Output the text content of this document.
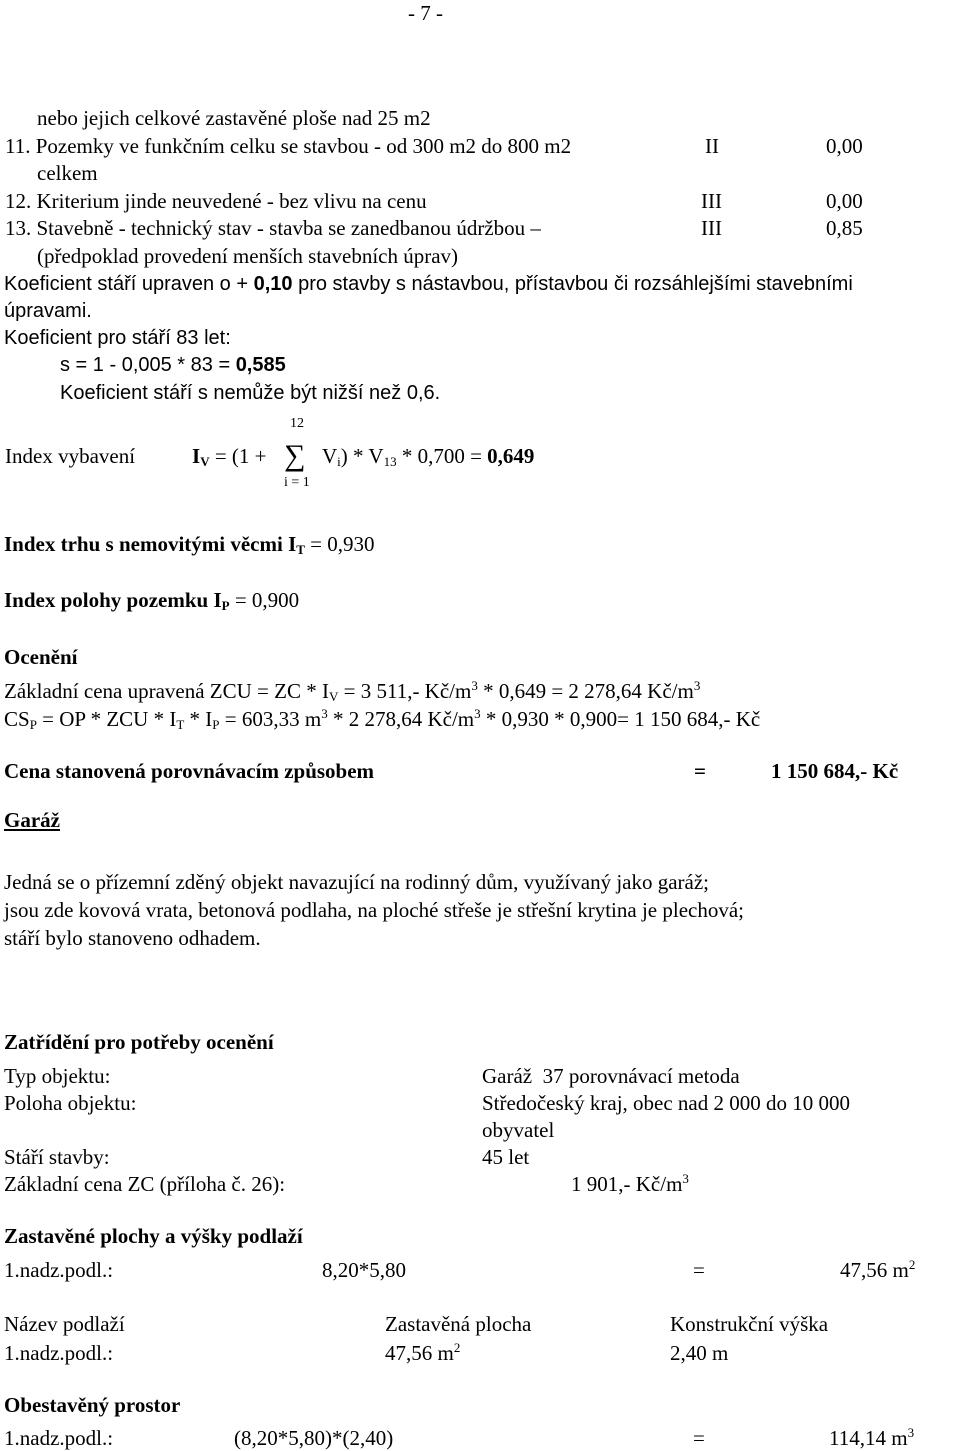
- 7 -
nebo jejich celkové zastavěné ploše nad 25 m2
11. Pozemky ve funkčním celku se stavbou - od 300 m2 do 800 m2	II	0,00
celkem
12. Kriterium jinde neuvedené - bez vlivu na cenu	III	0,00
13. Stavebně - technický stav - stavba se zanedbanou údržbou –	III	0,85
(předpoklad provedení menších stavebních úprav)
Koeficient stáří upraven o + 0,10 pro stavby s nástavbou, přístavbou či rozsáhlejšími stavebními
úpravami.
Koeficient pro stáří 83 let:
s = 1 - 0,005 * 83 = 0,585
Koeficient stáří s nemůže být nižší než 0,6.
12
Index vybavení	$I_V = (1$ + ∑ $V_i) * V_{13} * 0,700 = 0,649$
i = 1
Index trhu s nemovitými věcmi $I_T = 0,930$
Index polohy pozemku $I_P = 0,900$
Ocenění
Základní cena upravená ZCU = ZC * $I_V = 3$ 511,- $Kč/m^3 * 0,649 = 2$ 278,64 $Kč/m^3$
$CS_P$ = OP * ZCU * $I_T * I_P = 603,33$ $m^3 * 2$ 278,64 $Kč/m^3 * 0,930 * 0,900= 1$ 150 684,- Kč
Cena stanovená porovnávacím způsobem	=	1 150 684,- Kč
Garáž
Jedná se o přízemní zděný objekt navazující na rodinný dům, využívaný jako garáž;
jsou zde kovová vrata, betonová podlaha, na ploché střeše je střešní krytina je plechová;
stáří bylo stanoveno odhadem.
Zatřídění pro potřeby ocenění
Typ objektu:	Garáž  37 porovnávací metoda
Poloha objektu:	Středočeský kraj, obec nad 2 000 do 10 000
obyvatel
Stáří stavby:	45 let
Základní cena ZC (příloha č. 26):	1 901,- $Kč/m^3$
Zastavěné plochy a výšky podlaží
1.nadz.podl.:	8,20*5,80	=	47,56 $m^2$
Název podlaží	Zastavěná plocha	Konstrukční výška
1.nadz.podl.:	47,56 $m^2$	2,40 m
Obestavěný prostor
1.nadz.podl.:	(8,20*5,80)*(2,40)	=	114,14 $m^3$
